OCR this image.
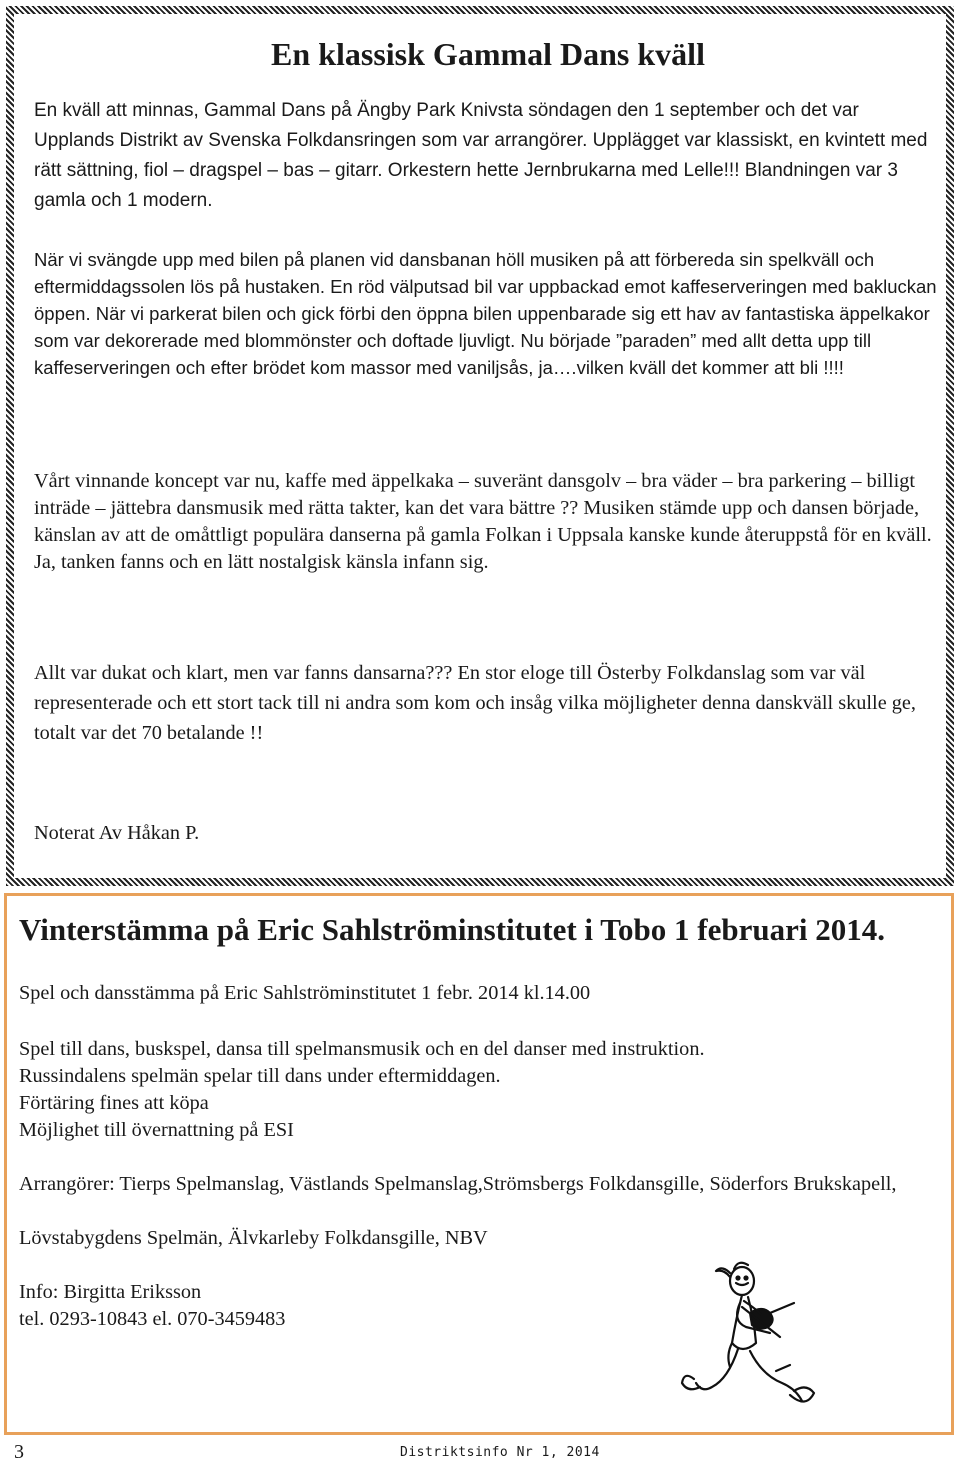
En klassisk Gammal Dans kväll

En kväll att minnas, Gammal Dans på Ängby Park Knivsta söndagen den 1 september och det var Upplands Distrikt av Svenska Folkdansringen som var arrangörer. Upplägget var klassiskt, en kvintett med rätt sättning, fiol – dragspel – bas – gitarr. Orkestern hette Jernbrukarna med Lelle!!! Blandningen var 3 gamla och 1 modern.

När vi svängde upp med bilen på planen vid dansbanan höll musiken på att förbereda sin spelkväll och eftermiddagssolen lös på hustaken. En röd välputsad bil var uppbackad emot kaffeserveringen med bakluckan öppen. När vi parkerat bilen och gick förbi den öppna bilen uppenbarade sig ett hav av fantastiska äppelkakor som var dekorerade med blommönster och doftade ljuvligt. Nu började ”paraden” med allt detta upp till kaffeserveringen och efter brödet kom massor med vaniljsås, ja….vilken kväll det kommer att bli !!!!

Vårt vinnande koncept var nu, kaffe med äppelkaka – suveränt dansgolv – bra väder – bra parkering – billigt inträde – jättebra dansmusik med rätta takter, kan det vara bättre ?? Musiken stämde upp och dansen började, känslan av att de omåttligt populära danserna på gamla Folkan i Uppsala kanske kunde återuppstå för en kväll. Ja, tanken fanns och en lätt nostalgisk känsla infann sig.

Allt var dukat och klart, men var fanns dansarna??? En stor eloge till Österby Folkdanslag som var väl representerade och ett stort tack till ni andra som kom och insåg vilka möjligheter denna danskväll skulle ge, totalt var det 70 betalande !!

Noterat Av Håkan P.

Vinterstämma på Eric Sahlströminstitutet i Tobo 1 februari 2014.

Spel och dansstämma på Eric Sahlströminstitutet 1 febr. 2014 kl.14.00

Spel till dans, buskspel, dansa till spelmansmusik och en del danser med instruktion.

Russindalens spelmän spelar till dans under eftermiddagen.

Förtäring fines att köpa

Möjlighet till övernattning på ESI

Arrangörer: Tierps Spelmanslag, Västlands Spelmanslag,Strömsbergs Folkdansgille, Söderfors Brukskapell,

Lövstabygdens Spelmän, Älvkarleby Folkdansgille, NBV

Info: Birgitta Eriksson

tel. 0293-10843 el. 070-3459483

3	Distriktsinfo Nr 1, 2014
